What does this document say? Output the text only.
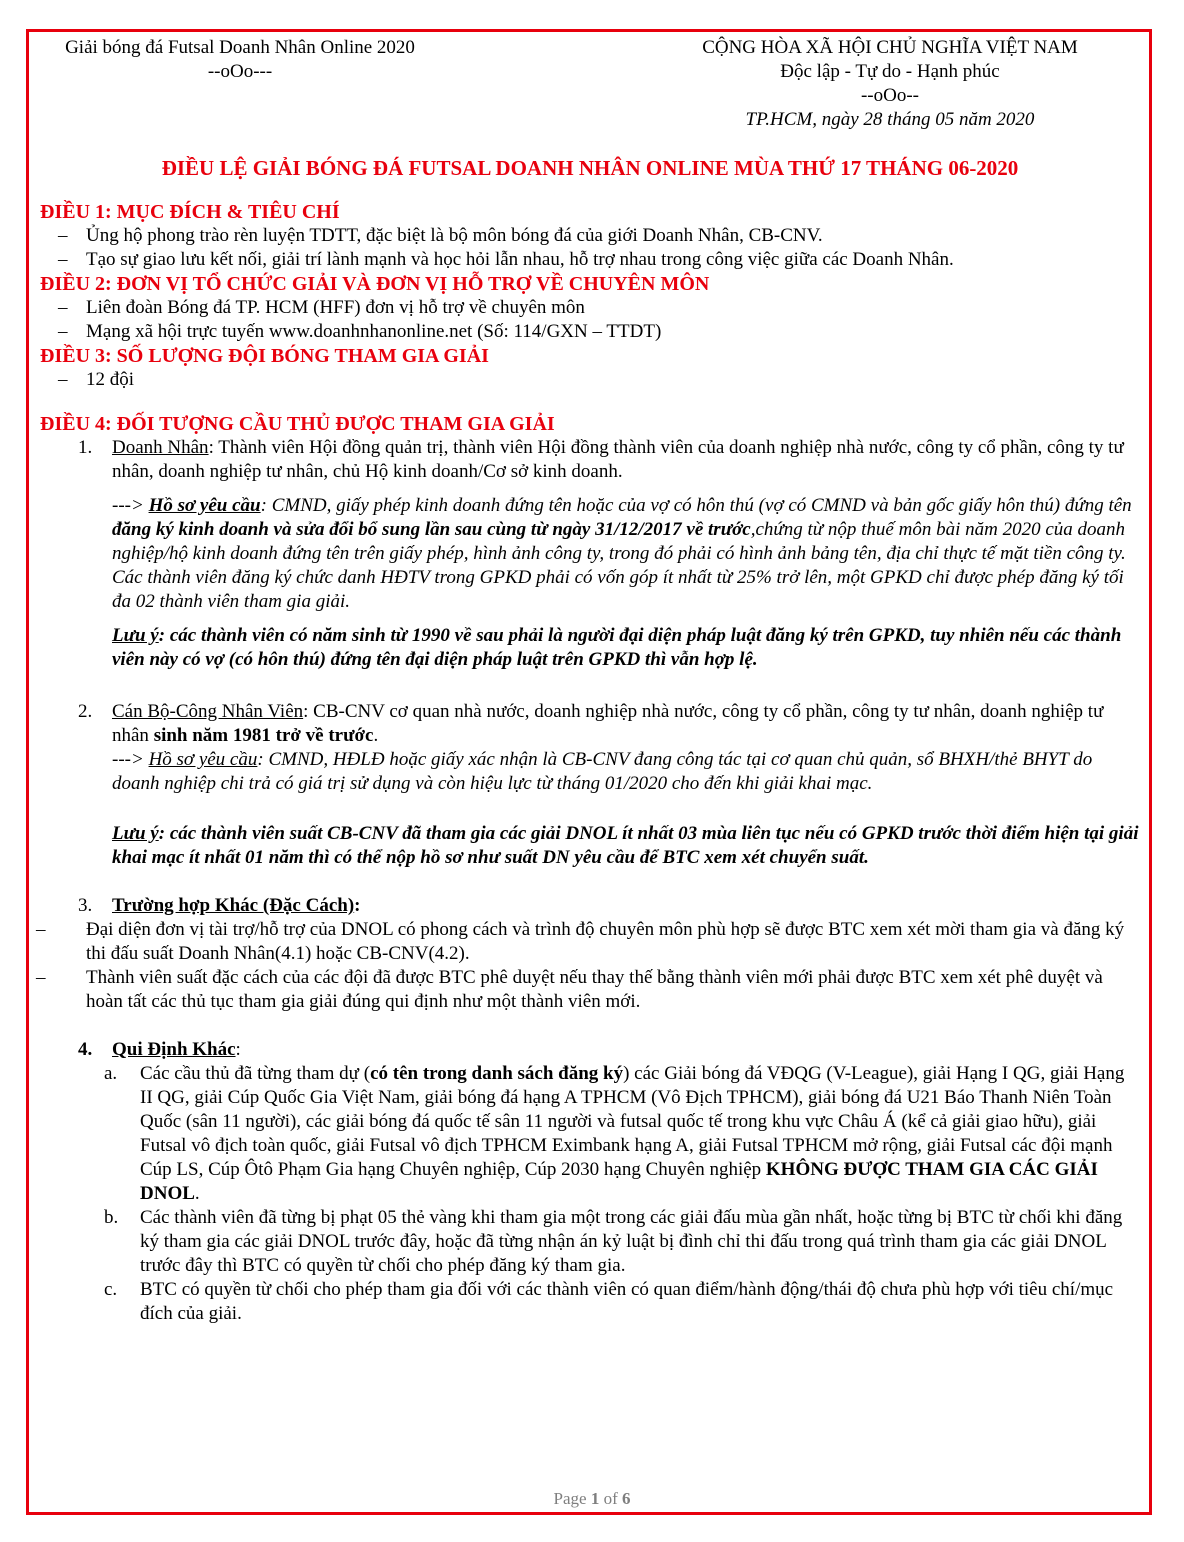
Giải bóng đá Futsal Doanh Nhân Online 2020
--oOo---
CỘNG HÒA XÃ HỘI CHỦ NGHĨA VIỆT NAM
Độc lập - Tự do - Hạnh phúc
--oOo--
TP.HCM, ngày 28 tháng 05 năm 2020
ĐIỀU LỆ GIẢI BÓNG ĐÁ FUTSAL DOANH NHÂN ONLINE MÙA THỨ 17 THÁNG 06-2020
ĐIỀU 1: MỤC ĐÍCH & TIÊU CHÍ
– Ủng hộ phong trào rèn luyện TDTT, đặc biệt là bộ môn bóng đá của giới Doanh Nhân, CB-CNV.
– Tạo sự giao lưu kết nối, giải trí lành mạnh và học hỏi lẫn nhau, hỗ trợ nhau trong công việc giữa các Doanh Nhân.
ĐIỀU 2: ĐƠN VỊ TỔ CHỨC GIẢI VÀ ĐƠN VỊ HỖ TRỢ VỀ CHUYÊN MÔN
– Liên đoàn Bóng đá TP. HCM (HFF) đơn vị hỗ trợ về chuyên môn
– Mạng xã hội trực tuyến www.doanhnhanonline.net (Số: 114/GXN – TTDT)
ĐIỀU 3: SỐ LƯỢNG ĐỘI BÓNG THAM GIA GIẢI
– 12 đội
ĐIỀU 4: ĐỐI TƯỢNG CẦU THỦ ĐƯỢC THAM GIA GIẢI
1. Doanh Nhân: Thành viên Hội đồng quản trị, thành viên Hội đồng thành viên của doanh nghiệp nhà nước, công ty cổ phần, công ty tư nhân, doanh nghiệp tư nhân, chủ Hộ kinh doanh/Cơ sở kinh doanh.
---> Hồ sơ yêu cầu: CMND, giấy phép kinh doanh đứng tên hoặc của vợ có hôn thú (vợ có CMND và bản gốc giấy hôn thú) đứng tên đăng ký kinh doanh và sửa đổi bổ sung lần sau cùng từ ngày 31/12/2017 về trước,chứng từ nộp thuế môn bài năm 2020 của doanh nghiệp/hộ kinh doanh đứng tên trên giấy phép, hình ảnh công ty, trong đó phải có hình ảnh bảng tên, địa chỉ thực tế mặt tiền công ty. Các thành viên đăng ký chức danh HĐTV trong GPKD phải có vốn góp ít nhất từ 25% trở lên, một GPKD chỉ được phép đăng ký tối đa 02 thành viên tham gia giải.
Lưu ý: các thành viên có năm sinh từ 1990 về sau phải là người đại diện pháp luật đăng ký trên GPKD, tuy nhiên nếu các thành viên này có vợ (có hôn thú) đứng tên đại diện pháp luật trên GPKD thì vẫn hợp lệ.
2. Cán Bộ-Công Nhân Viên: CB-CNV cơ quan nhà nước, doanh nghiệp nhà nước, công ty cổ phần, công ty tư nhân, doanh nghiệp tư nhân sinh năm 1981 trở về trước.
---> Hồ sơ yêu cầu: CMND, HĐLĐ hoặc giấy xác nhận là CB-CNV đang công tác tại cơ quan chủ quản, sổ BHXH/thẻ BHYT do doanh nghiệp chi trả có giá trị sử dụng và còn hiệu lực từ tháng 01/2020 cho đến khi giải khai mạc.
Lưu ý: các thành viên suất CB-CNV đã tham gia các giải DNOL ít nhất 03 mùa liên tục nếu có GPKD trước thời điểm hiện tại giải khai mạc ít nhất 01 năm thì có thể nộp hồ sơ như suất DN yêu cầu để BTC xem xét chuyển suất.
3. Trường hợp Khác (Đặc Cách):
– Đại diện đơn vị tài trợ/hỗ trợ của DNOL có phong cách và trình độ chuyên môn phù hợp sẽ được BTC xem xét mời tham gia và đăng ký thi đấu suất Doanh Nhân(4.1) hoặc CB-CNV(4.2).
– Thành viên suất đặc cách của các đội đã được BTC phê duyệt nếu thay thế bằng thành viên mới phải được BTC xem xét phê duyệt và hoàn tất các thủ tục tham gia giải đúng qui định như một thành viên mới.
4. Qui Định Khác:
a. Các cầu thủ đã từng tham dự (có tên trong danh sách đăng ký) các Giải bóng đá VĐQG (V-League), giải Hạng I QG, giải Hạng II QG, giải Cúp Quốc Gia Việt Nam, giải bóng đá hạng A TPHCM (Vô Địch TPHCM), giải bóng đá U21 Báo Thanh Niên Toàn Quốc (sân 11 người), các giải bóng đá quốc tế sân 11 người và futsal quốc tế trong khu vực Châu Á (kể cả giải giao hữu), giải Futsal vô địch toàn quốc, giải Futsal vô địch TPHCM Eximbank hạng A, giải Futsal TPHCM mở rộng, giải Futsal các đội mạnh Cúp LS, Cúp Ôtô Phạm Gia hạng Chuyên nghiệp, Cúp 2030 hạng Chuyên nghiệp KHÔNG ĐƯỢC THAM GIA CÁC GIẢI DNOL.
b. Các thành viên đã từng bị phạt 05 thẻ vàng khi tham gia một trong các giải đấu mùa gần nhất, hoặc từng bị BTC từ chối khi đăng ký tham gia các giải DNOL trước đây, hoặc đã từng nhận án kỷ luật bị đình chỉ thi đấu trong quá trình tham gia các giải DNOL trước đây thì BTC có quyền từ chối cho phép đăng ký tham gia.
c. BTC có quyền từ chối cho phép tham gia đối với các thành viên có quan điểm/hành động/thái độ chưa phù hợp với tiêu chí/mục đích của giải.
Page 1 of 6
